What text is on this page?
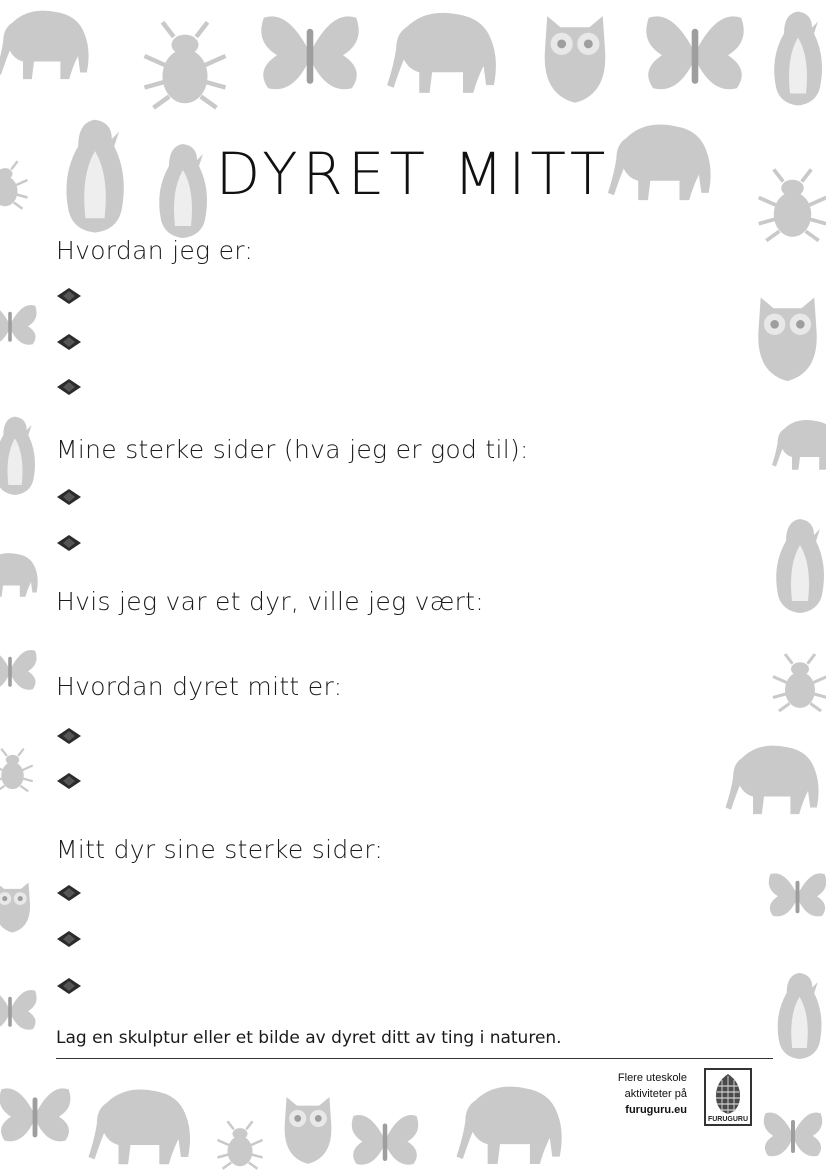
DYRET MITT
Hvordan jeg er:
Mine sterke sider (hva jeg er god til):
Hvis jeg var et dyr, ville jeg vært:
Hvordan dyret mitt er:
Mitt dyr sine sterke sider:
Lag en skulptur eller et bilde av dyret ditt av ting i naturen.
Flere uteskole
aktiviteter på
furuguru.eu
FURUGURU
